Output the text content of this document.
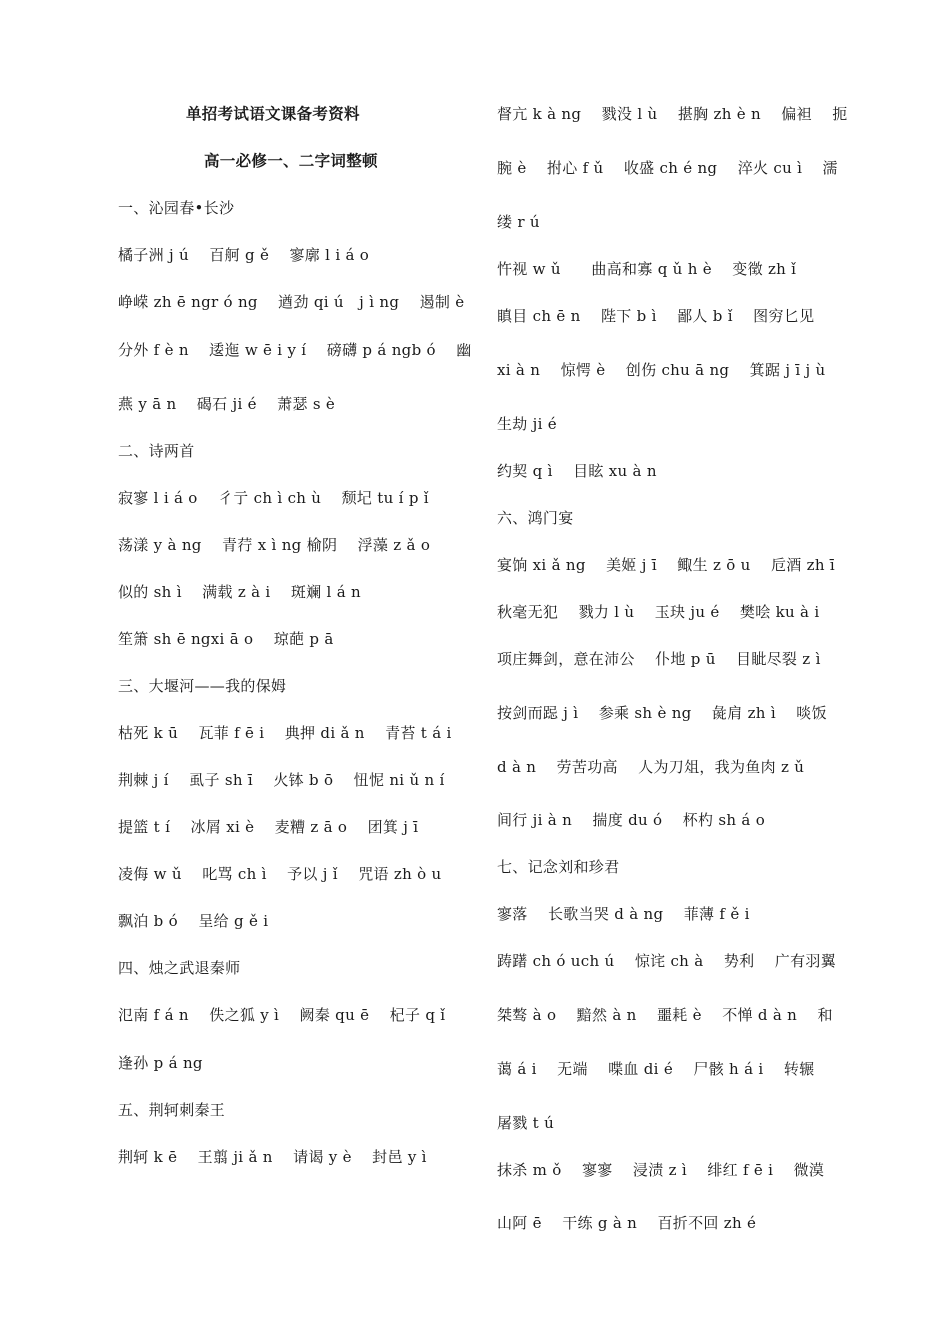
单招考试语文课备考资料
高一必修一、二字词整顿
一、沁园春•长沙
橘子洲 j ú　 百舸 g ě　 寥廓 l i á o
峥嵘 zh ē ngr ó ng　 遒劲 qi ú　j ì ng　 遏制 è
分外 f è n　 逶迤 w ē i y í　 磅礴 p á ngb ó　 幽
燕 y ā n　 碣石 ji é　 萧瑟 s è
二、诗两首
寂寥 l i á o　 彳亍 ch ì ch ù　 颓圮 tu í p ǐ
荡漾 y à ng　 青荇 x ì ng 榆阴　 浮藻 z ǎ o
似的 sh ì　 满载 z à i　 斑斓 l á n
笙箫 sh ē ngxi ā o　 琼葩 p ā
三、大堰河——我的保姆
枯死 k ū　 瓦菲 f ē i　 典押 di ǎ n　 青苔 t á i
荆棘 j í　 虱子 sh ī　 火钵 b ō　 忸怩 ni ǔ n í
提篮 t í　 冰屑 xi è　 麦糟 z ā o　 团箕 j ī
凌侮 w ǔ　 叱骂 ch ì　 予以 j ǐ　 咒语 zh ò u
飘泊 b ó　 呈给 g ě i
四、烛之武退秦师
氾南 f á n　 佚之狐 y ì　 阙秦 qu ē　 杞子 q ǐ
逢孙 p á ng
五、荆轲刺秦王
荆轲 k ē　 王翦 ji ǎ n　 请谒 y è　 封邑 y ì
督亢 k à ng　 戮没 l ù　 揕胸 zh è n　 偏袒　 扼
腕 è　 拊心 f ǔ　 收盛 ch é ng　 淬火 cu ì　 濡
缕 r ú
忤视 w ǔ　　曲高和寡 q ǔ h è　 变徵 zh ǐ
瞋目 ch ē n　 陛下 b ì　 鄙人 b ǐ　 图穷匕见
xi à n　 惊愕 è　 创伤 chu ā ng　 箕踞 j ī j ù
生劫 ji é
约契 q ì　 目眩 xu à n
六、鸿门宴
宴饷 xi ǎ ng　 美姬 j ī　 鲰生 z ō u　 卮酒 zh ī
秋毫无犯　 戮力 l ù　 玉玦 ju é　 樊哙 ku à i
项庄舞剑，意在沛公　 仆地 p ū　 目眦尽裂 z ì
按剑而跽 j ì　 参乘 sh è ng　 彘肩 zh ì　 啖饭
d à n　 劳苦功高　 人为刀俎，我为鱼肉 z ǔ
间行 ji à n　 揣度 du ó　 杯杓 sh á o
七、记念刘和珍君
寥落　 长歌当哭 d à ng　 菲薄 f ě i
踌躇 ch ó uch ú　 惊诧 ch à　 势利　 广有羽翼
桀骜 à o　 黯然 à n　 噩耗 è　 不惮 d à n　 和
蔼 á i　 无端　 喋血 di é　 尸骸 h á i　 转辗
屠戮 t ú
抹杀 m ǒ　 寥寥　 浸渍 z ì　 绯红 f ē i　 微漠
山阿 ē　 干练 g à n　 百折不回 zh é
